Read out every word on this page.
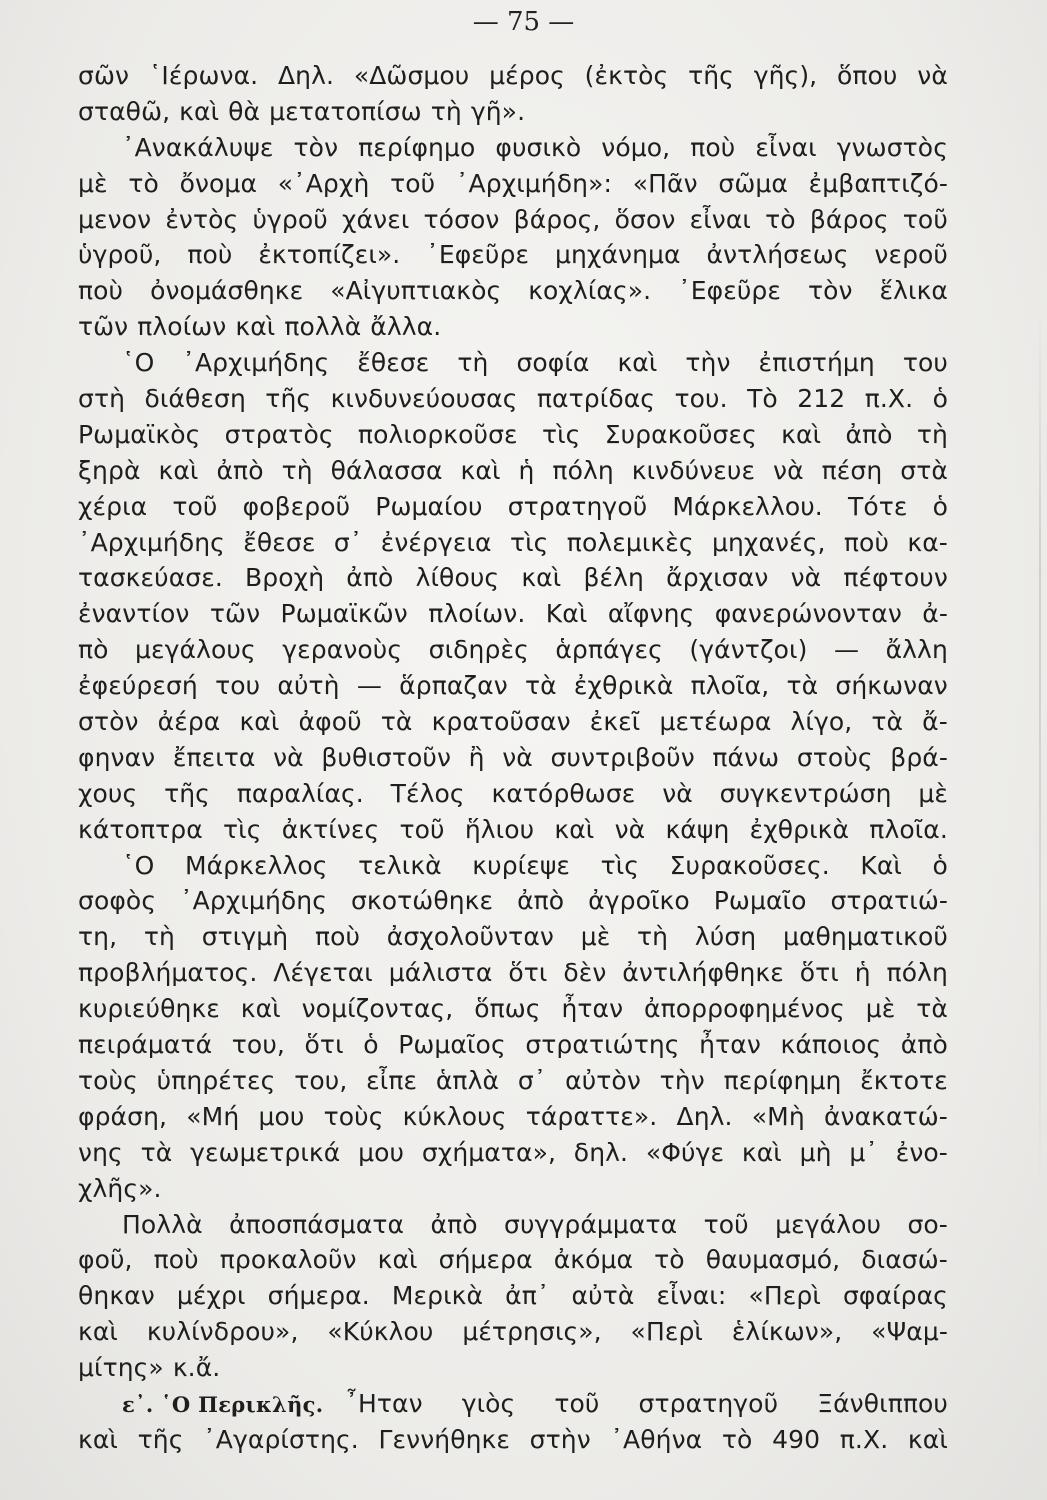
— 75 —
σῶν ῾Ιέρωνα. Δηλ. «Δῶσμου μέρος (ἐκτὸς τῆς γῆς), ὅπου νὰ
σταθῶ, καὶ θὰ μετατοπίσω τὴ γῆ».
᾿Ανακάλυψε τὸν περίφημο φυσικὸ νόμο, ποὺ εἶναι γνωστὸς
μὲ τὸ ὄνομα «᾿Αρχὴ τοῦ ᾿Αρχιμήδη»: «Πᾶν σῶμα ἐμβαπτιζό-
μενον ἐντὸς ὑγροῦ χάνει τόσον βάρος, ὅσον εἶναι τὸ βάρος τοῦ
ὑγροῦ, ποὺ ἐκτοπίζει». ᾿Εφεῦρε μηχάνημα ἀντλήσεως νεροῦ
ποὺ ὀνομάσθηκε «Αἰγυπτιακὸς κοχλίας». ᾿Εφεῦρε τὸν ἕλικα
τῶν πλοίων καὶ πολλὰ ἄλλα.
῾Ο ᾿Αρχιμήδης ἔθεσε τὴ σοφία καὶ τὴν ἐπιστήμη του
στὴ διάθεση τῆς κινδυνεύουσας πατρίδας του. Τὸ 212 π.Χ. ὁ
Ρωμαϊκὸς στρατὸς πολιορκοῦσε τὶς Συρακοῦσες καὶ ἀπὸ τὴ
ξηρὰ καὶ ἀπὸ τὴ θάλασσα καὶ ἡ πόλη κινδύνευε νὰ πέση στὰ
χέρια τοῦ φοβεροῦ Ρωμαίου στρατηγοῦ Μάρκελλου. Τότε ὁ
᾿Αρχιμήδης ἔθεσε σ᾿ ἐνέργεια τὶς πολεμικὲς μηχανές, ποὺ κα-
τασκεύασε. Βροχὴ ἀπὸ λίθους καὶ βέλη ἄρχισαν νὰ πέφτουν
ἐναντίον τῶν Ρωμαϊκῶν πλοίων. Καὶ αἴφνης φανερώνονταν ἀ-
πὸ μεγάλους γερανοὺς σιδηρὲς ἁρπάγες (γάντζοι) — ἄλλη
ἐφεύρεσή του αὐτὴ — ἅρπαζαν τὰ ἐχθρικὰ πλοῖα, τὰ σήκωναν
στὸν ἀέρα καὶ ἀφοῦ τὰ κρατοῦσαν ἐκεῖ μετέωρα λίγο, τὰ ἄ-
φηναν ἔπειτα νὰ βυθιστοῦν ἢ νὰ συντριβοῦν πάνω στοὺς βρά-
χους τῆς παραλίας. Τέλος κατόρθωσε νὰ συγκεντρώση μὲ
κάτοπτρα τὶς ἀκτίνες τοῦ ἥλιου καὶ νὰ κάψη ἐχθρικὰ πλοῖα.
῾Ο Μάρκελλος τελικὰ κυρίεψε τὶς Συρακοῦσες. Καὶ ὁ
σοφὸς ᾿Αρχιμήδης σκοτώθηκε ἀπὸ ἀγροῖκο Ρωμαῖο στρατιώ-
τη, τὴ στιγμὴ ποὺ ἀσχολοῦνταν μὲ τὴ λύση μαθηματικοῦ
προβλήματος. Λέγεται μάλιστα ὅτι δὲν ἀντιλήφθηκε ὅτι ἡ πόλη
κυριεύθηκε καὶ νομίζοντας, ὅπως ἦταν ἀπορροφημένος μὲ τὰ
πειράματά του, ὅτι ὁ Ρωμαῖος στρατιώτης ἦταν κάποιος ἀπὸ
τοὺς ὑπηρέτες του, εἶπε ἁπλὰ σ᾿ αὐτὸν τὴν περίφημη ἔκτοτε
φράση, «Μή μου τοὺς κύκλους τάραττε». Δηλ. «Μὴ ἀνακατώ-
νης τὰ γεωμετρικά μου σχήματα», δηλ. «Φύγε καὶ μὴ μ᾿ ἐνο-
χλῆς».
Πολλὰ ἀποσπάσματα ἀπὸ συγγράμματα τοῦ μεγάλου σο-
φοῦ, ποὺ προκαλοῦν καὶ σήμερα ἀκόμα τὸ θαυμασμό, διασώ-
θηκαν μέχρι σήμερα. Μερικὰ ἀπ᾿ αὐτὰ εἶναι: «Περὶ σφαίρας
καὶ κυλίνδρου», «Κύκλου μέτρησις», «Περὶ ἑλίκων», «Ψαμ-
μίτης» κ.ἄ.
ε᾿. ῾Ο Περικλῆς. ῏Ηταν γιὸς τοῦ στρατηγοῦ Ξάνθιππου
καὶ τῆς ᾿Αγαρίστης. Γεννήθηκε στὴν ᾿Αθήνα τὸ 490 π.Χ. καὶ
